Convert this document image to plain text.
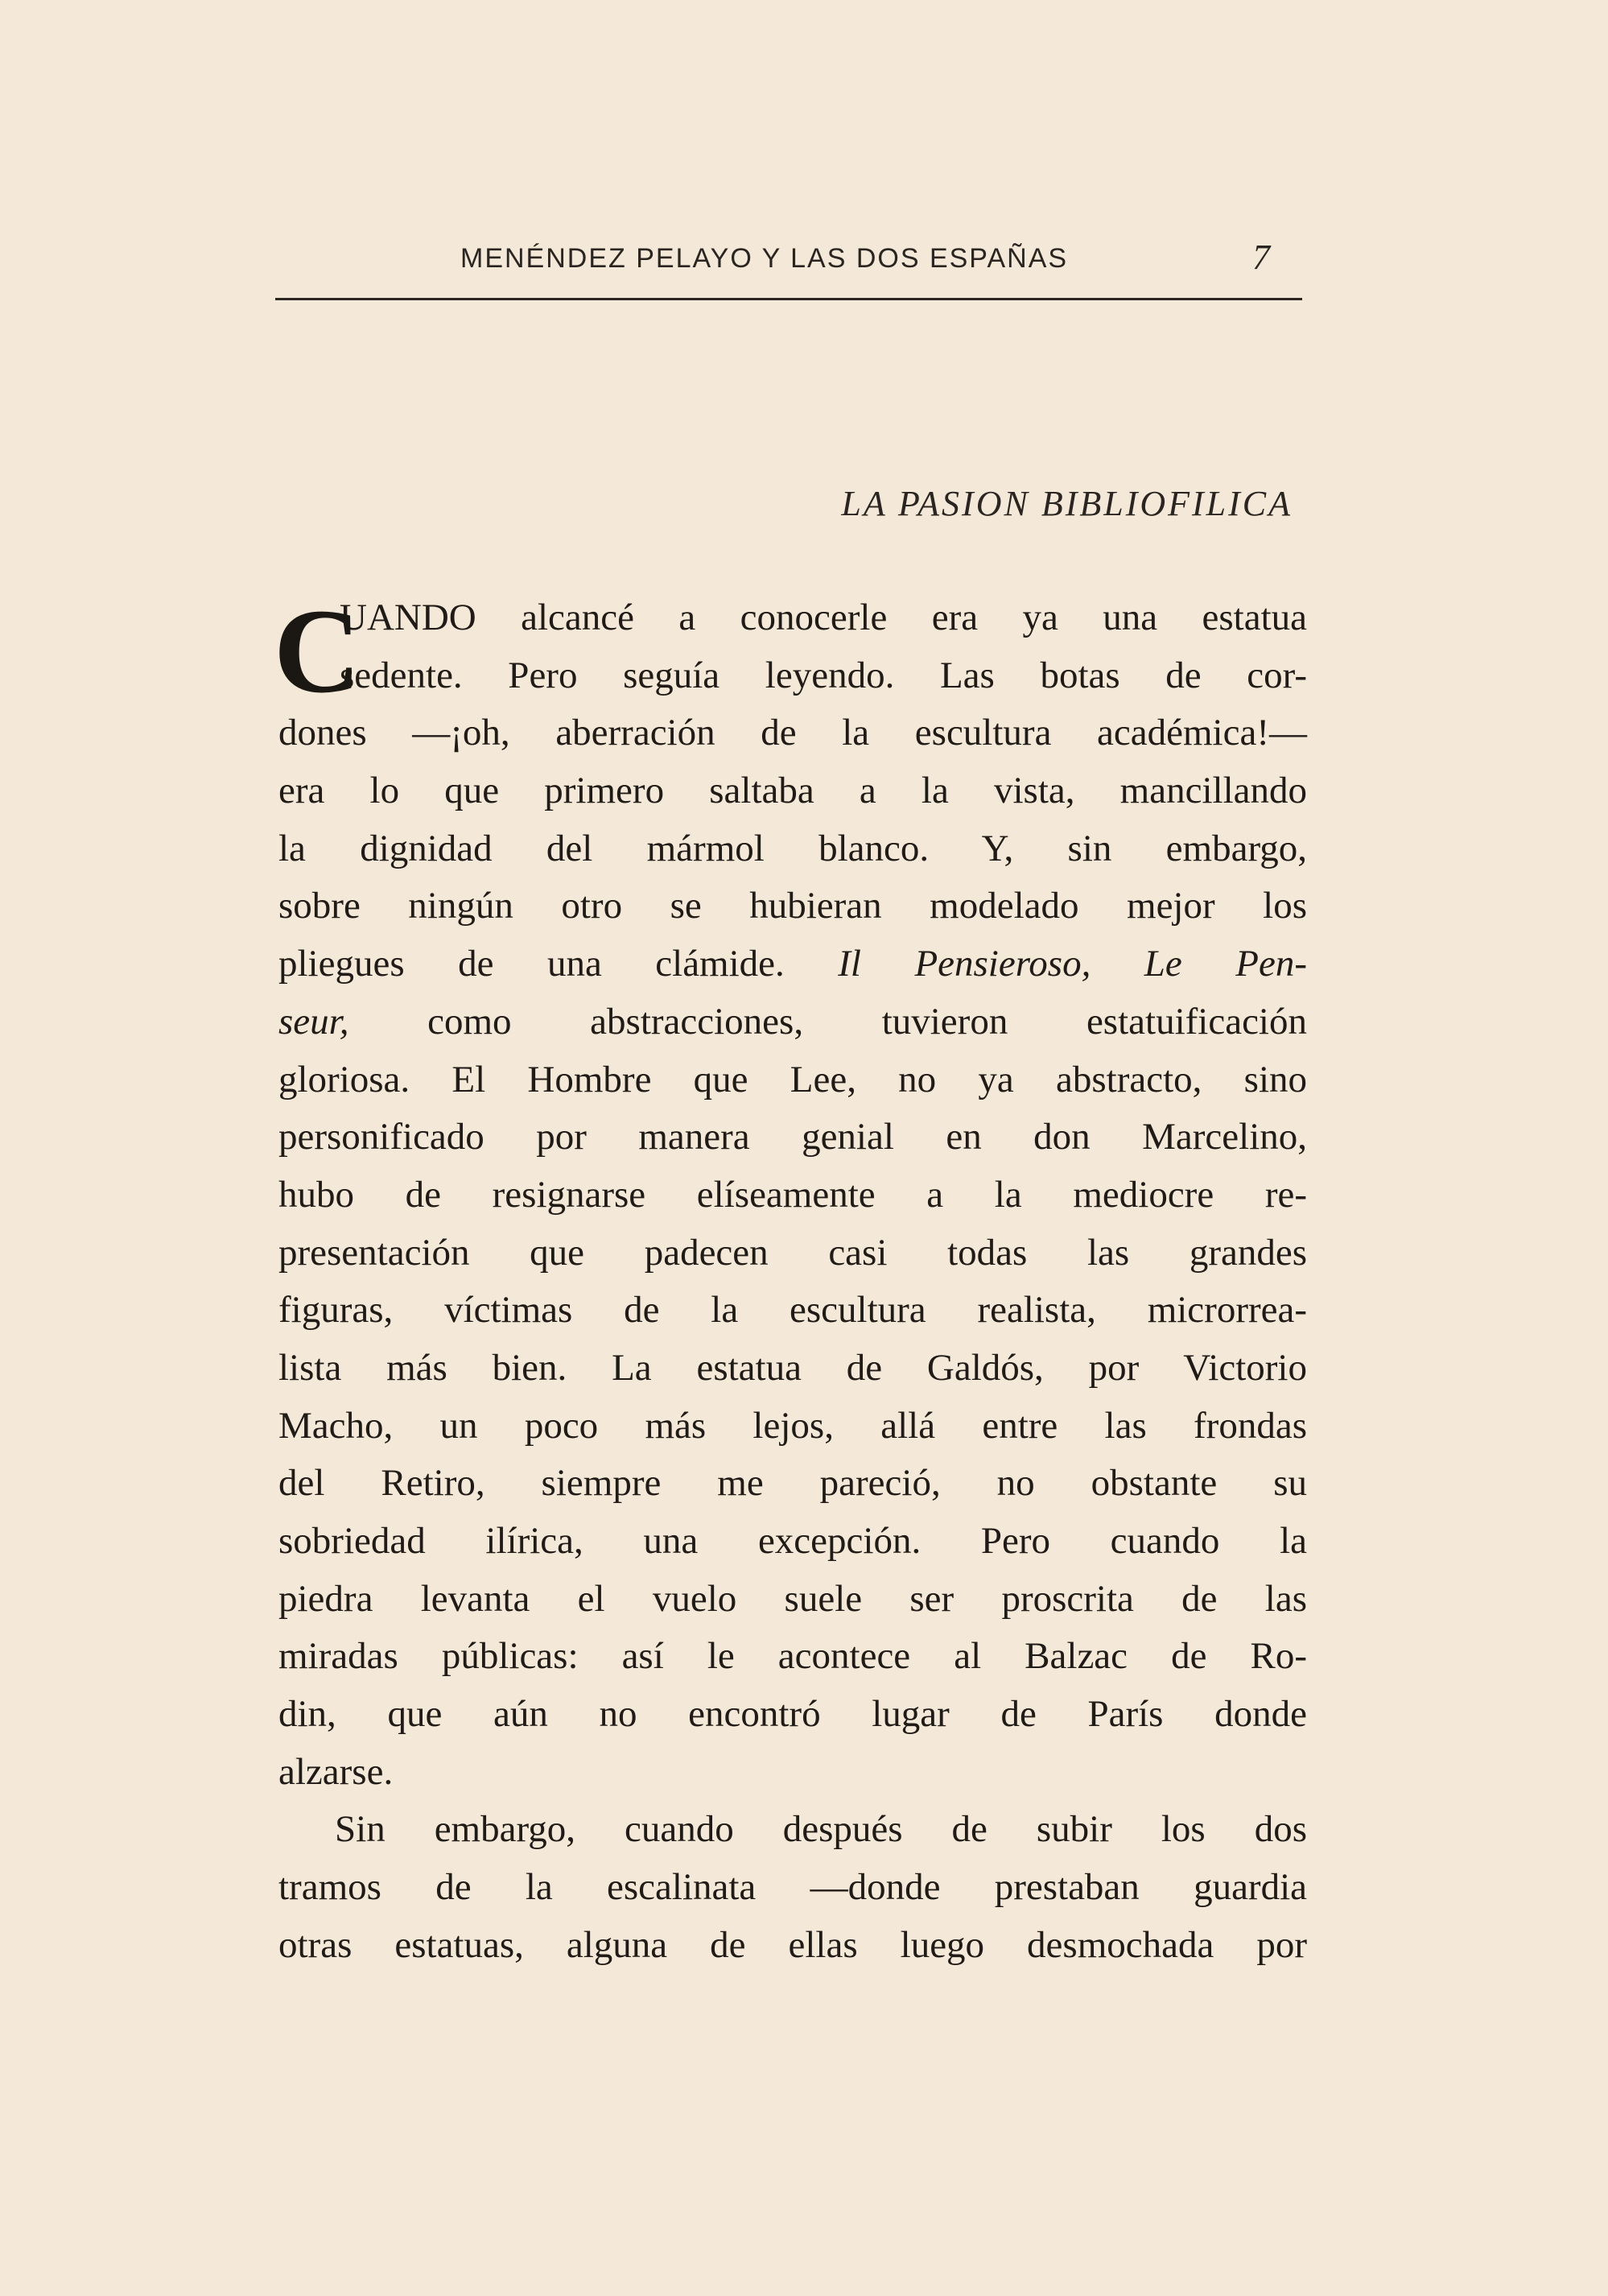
MENÉNDEZ PELAYO Y LAS DOS ESPAÑAS	7
LA PASION BIBLIOFILICA
C
UANDO alcancé a conocerle era ya una estatua
sedente. Pero seguía leyendo. Las botas de cor-
dones —¡oh, aberración de la escultura académica!—
era lo que primero saltaba a la vista, mancillando
la dignidad del mármol blanco. Y, sin embargo,
sobre ningún otro se hubieran modelado mejor los
pliegues de una clámide. Il Pensieroso, Le Pen-
seur, como abstracciones, tuvieron estatuificación
gloriosa. El Hombre que Lee, no ya abstracto, sino
personificado por manera genial en don Marcelino,
hubo de resignarse elíseamente a la mediocre re-
presentación que padecen casi todas las grandes
figuras, víctimas de la escultura realista, microrrea-
lista más bien. La estatua de Galdós, por Victorio
Macho, un poco más lejos, allá entre las frondas
del Retiro, siempre me pareció, no obstante su
sobriedad ilírica, una excepción. Pero cuando la
piedra levanta el vuelo suele ser proscrita de las
miradas públicas: así le acontece al Balzac de Ro-
din, que aún no encontró lugar de París donde
alzarse.
Sin embargo, cuando después de subir los dos
tramos de la escalinata —donde prestaban guardia
otras estatuas, alguna de ellas luego desmochada por
